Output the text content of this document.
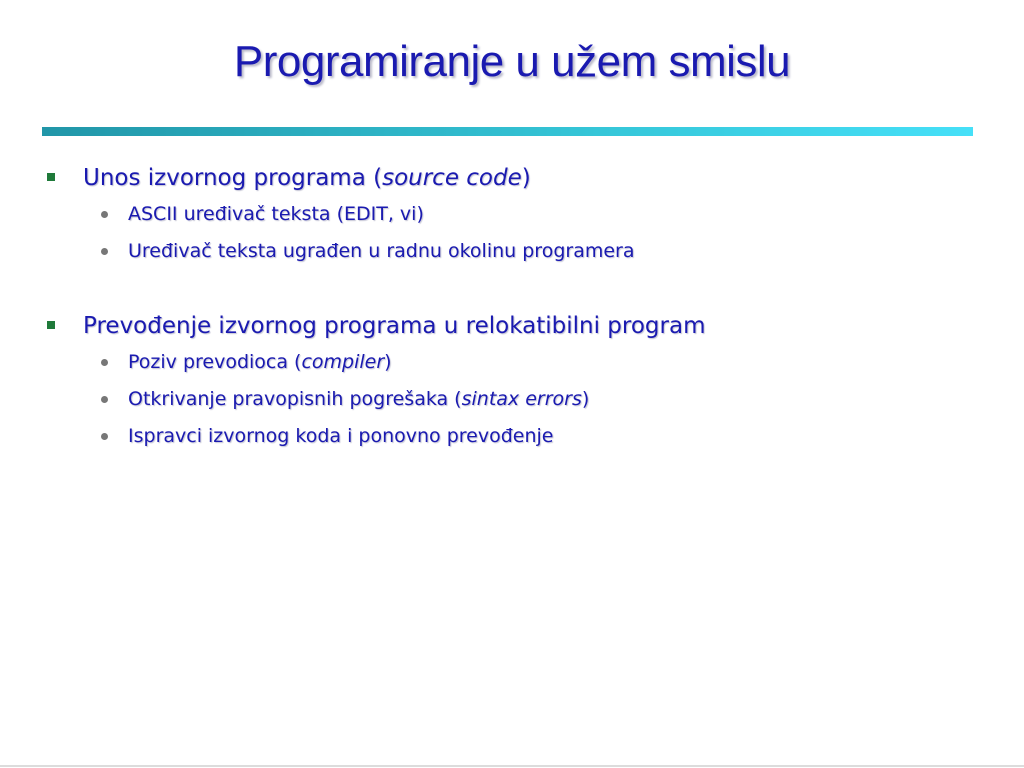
Programiranje u užem smislu
Unos izvornog programa (source code)
ASCII uređivač teksta (EDIT, vi)
Uređivač teksta ugrađen u radnu okolinu programera
Prevođenje izvornog programa u relokatibilni program
Poziv prevodioca (compiler)
Otkrivanje pravopisnih pogrešaka (sintax errors)
Ispravci izvornog koda i ponovno prevođenje
